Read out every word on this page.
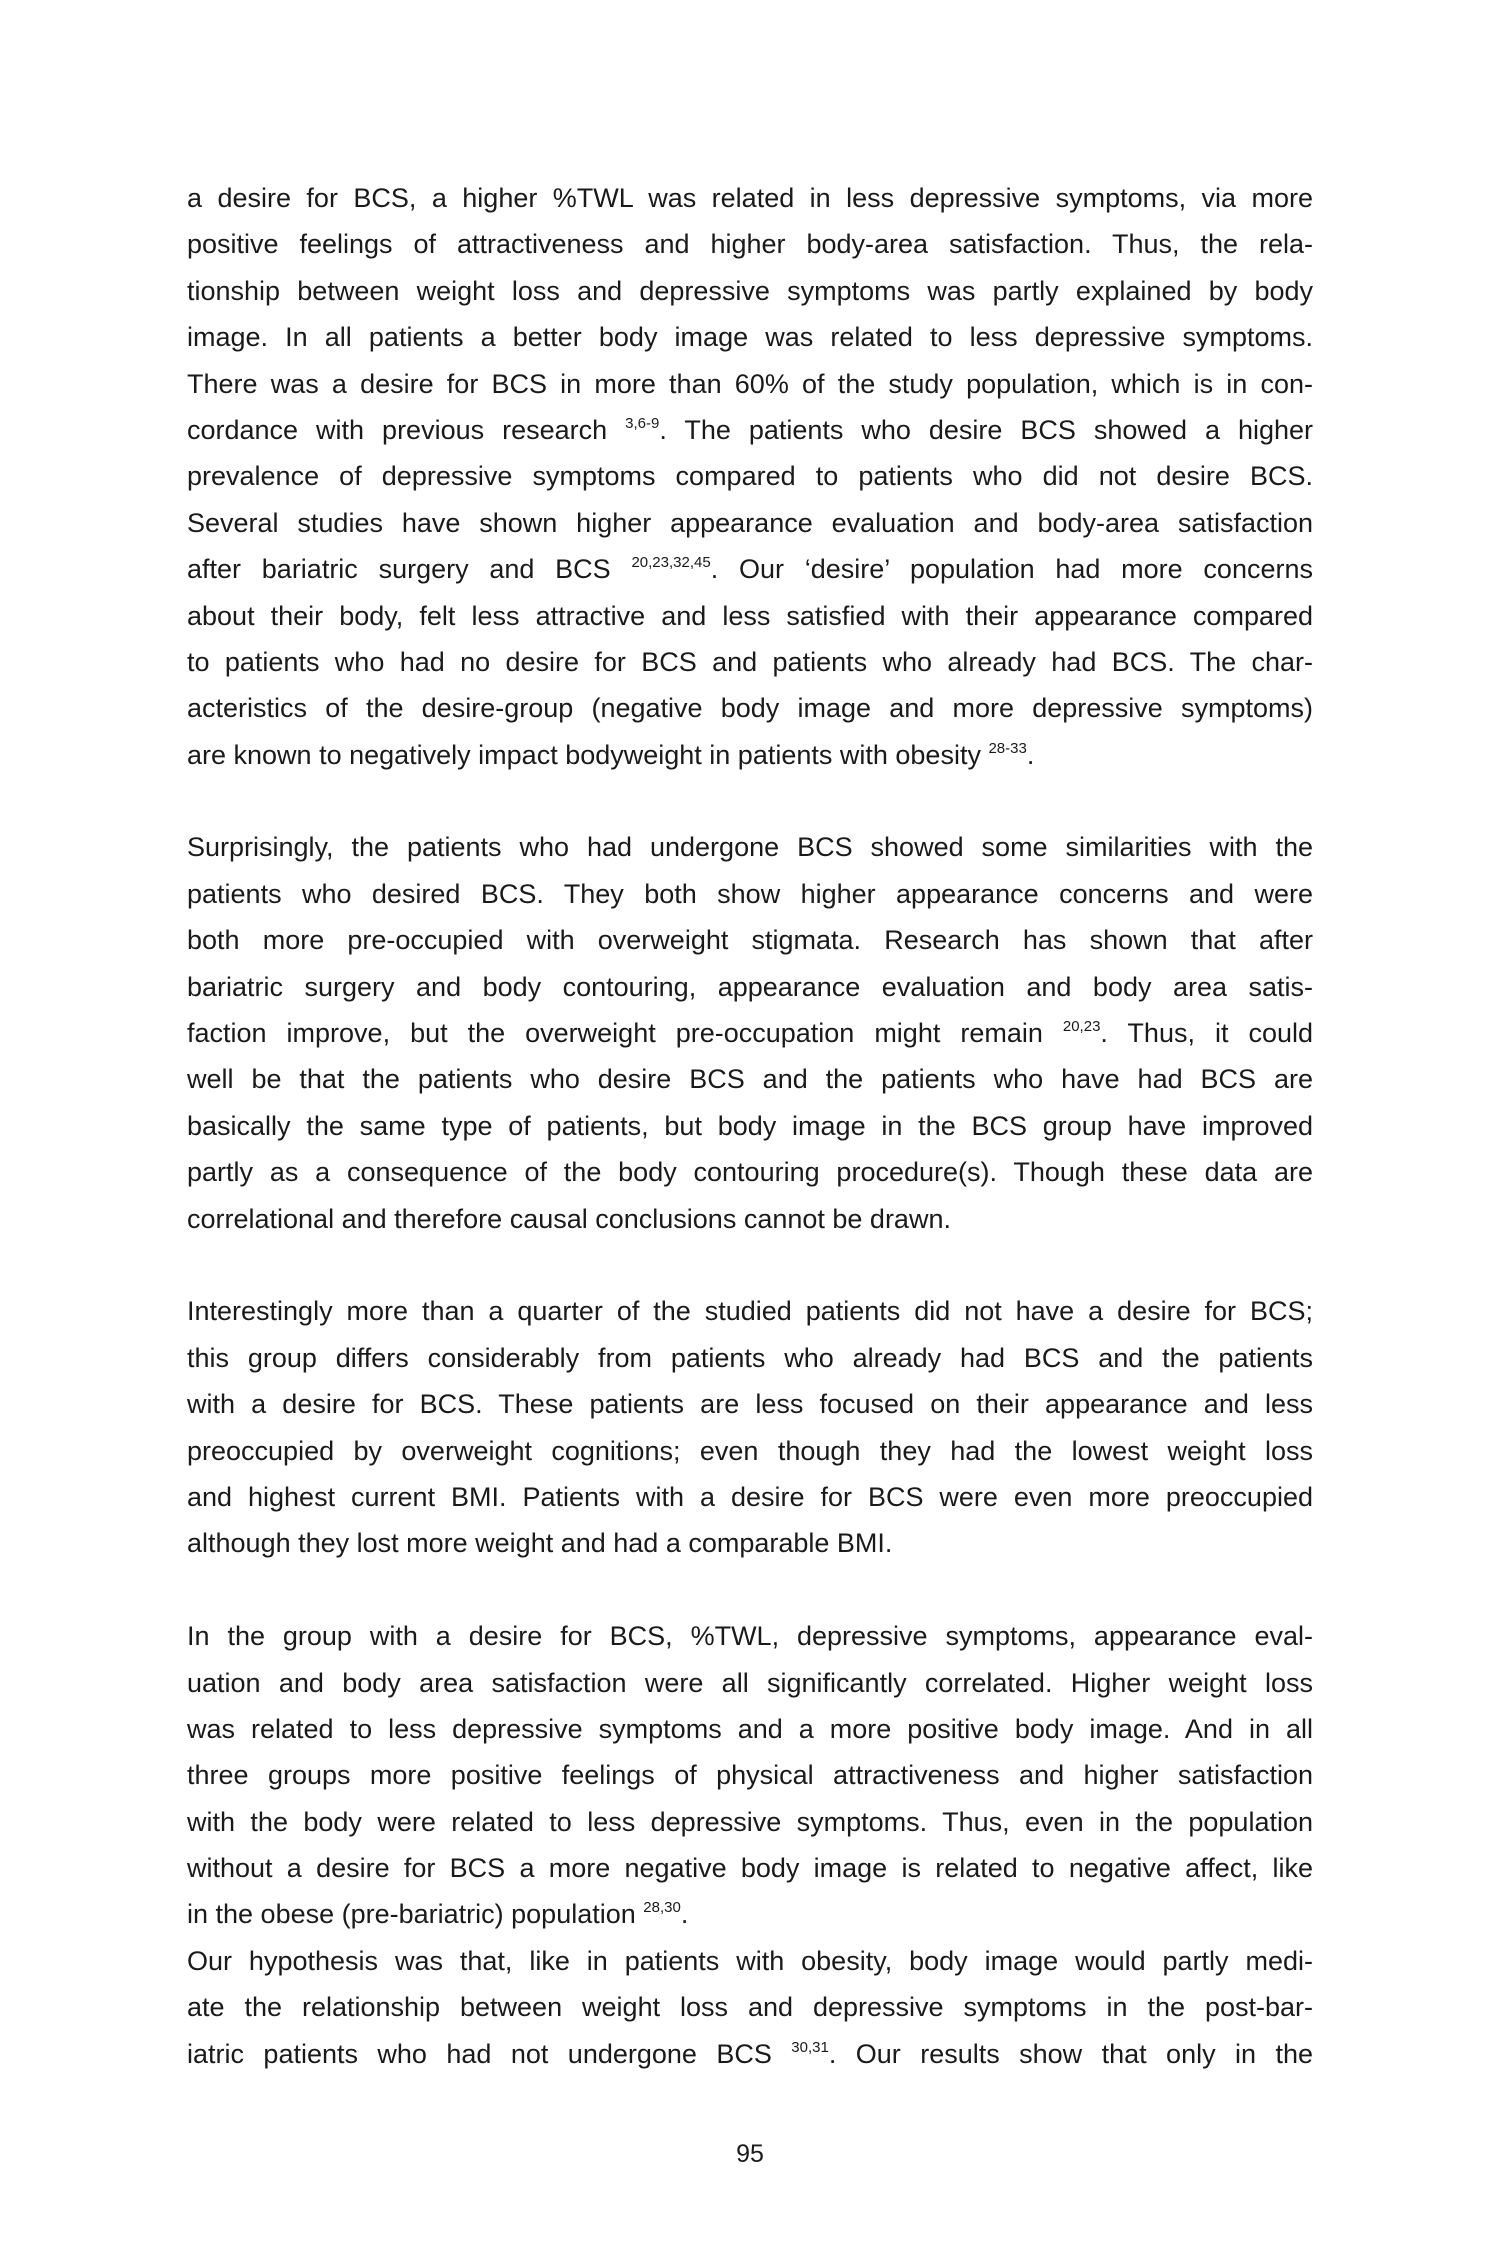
a desire for BCS, a higher %TWL was related in less depressive symptoms, via more
positive feelings of attractiveness and higher body-area satisfaction. Thus, the rela-
tionship between weight loss and depressive symptoms was partly explained by body
image. In all patients a better body image was related to less depressive symptoms.
There was a desire for BCS in more than 60% of the study population, which is in con-
cordance with previous research $^{3,6-9}$. The patients who desire BCS showed a higher
prevalence of depressive symptoms compared to patients who did not desire BCS.
Several studies have shown higher appearance evaluation and body-area satisfaction
after bariatric surgery and BCS $^{20,23,32,45}$. Our ‘desire’ population had more concerns
about their body, felt less attractive and less satisfied with their appearance compared
to patients who had no desire for BCS and patients who already had BCS. The char-
acteristics of the desire-group (negative body image and more depressive symptoms)
are known to negatively impact bodyweight in patients with obesity $^{28-33}$.
Surprisingly, the patients who had undergone BCS showed some similarities with the
patients who desired BCS. They both show higher appearance concerns and were
both more pre-occupied with overweight stigmata. Research has shown that after
bariatric surgery and body contouring, appearance evaluation and body area satis-
faction improve, but the overweight pre-occupation might remain $^{20,23}$. Thus, it could
well be that the patients who desire BCS and the patients who have had BCS are
basically the same type of patients, but body image in the BCS group have improved
partly as a consequence of the body contouring procedure(s). Though these data are
correlational and therefore causal conclusions cannot be drawn.
Interestingly more than a quarter of the studied patients did not have a desire for BCS;
this group differs considerably from patients who already had BCS and the patients
with a desire for BCS. These patients are less focused on their appearance and less
preoccupied by overweight cognitions; even though they had the lowest weight loss
and highest current BMI. Patients with a desire for BCS were even more preoccupied
although they lost more weight and had a comparable BMI.
In the group with a desire for BCS, %TWL, depressive symptoms, appearance eval-
uation and body area satisfaction were all significantly correlated. Higher weight loss
was related to less depressive symptoms and a more positive body image. And in all
three groups more positive feelings of physical attractiveness and higher satisfaction
with the body were related to less depressive symptoms. Thus, even in the population
without a desire for BCS a more negative body image is related to negative affect, like
in the obese (pre-bariatric) population $^{28,30}$.
Our hypothesis was that, like in patients with obesity, body image would partly medi-
ate the relationship between weight loss and depressive symptoms in the post-bar-
iatric patients who had not undergone BCS $^{30,31}$. Our results show that only in the
95
